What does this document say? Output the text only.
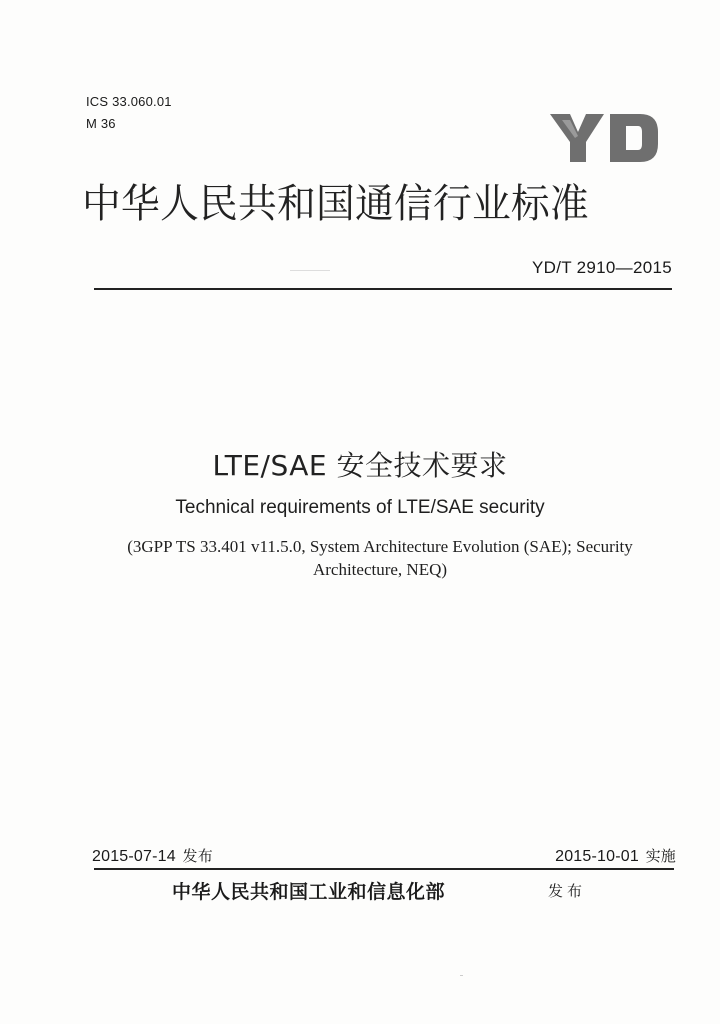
ICS 33.060.01
M 36
中华人民共和国通信行业标准
YD/T 2910—2015
LTE/SAE 安全技术要求
Technical requirements of LTE/SAE security
(3GPP TS 33.401 v11.5.0, System Architecture Evolution (SAE); Security
Architecture, NEQ)
2015-07-14 发布	2015-10-01 实施
中华人民共和国工业和信息化部	发布
